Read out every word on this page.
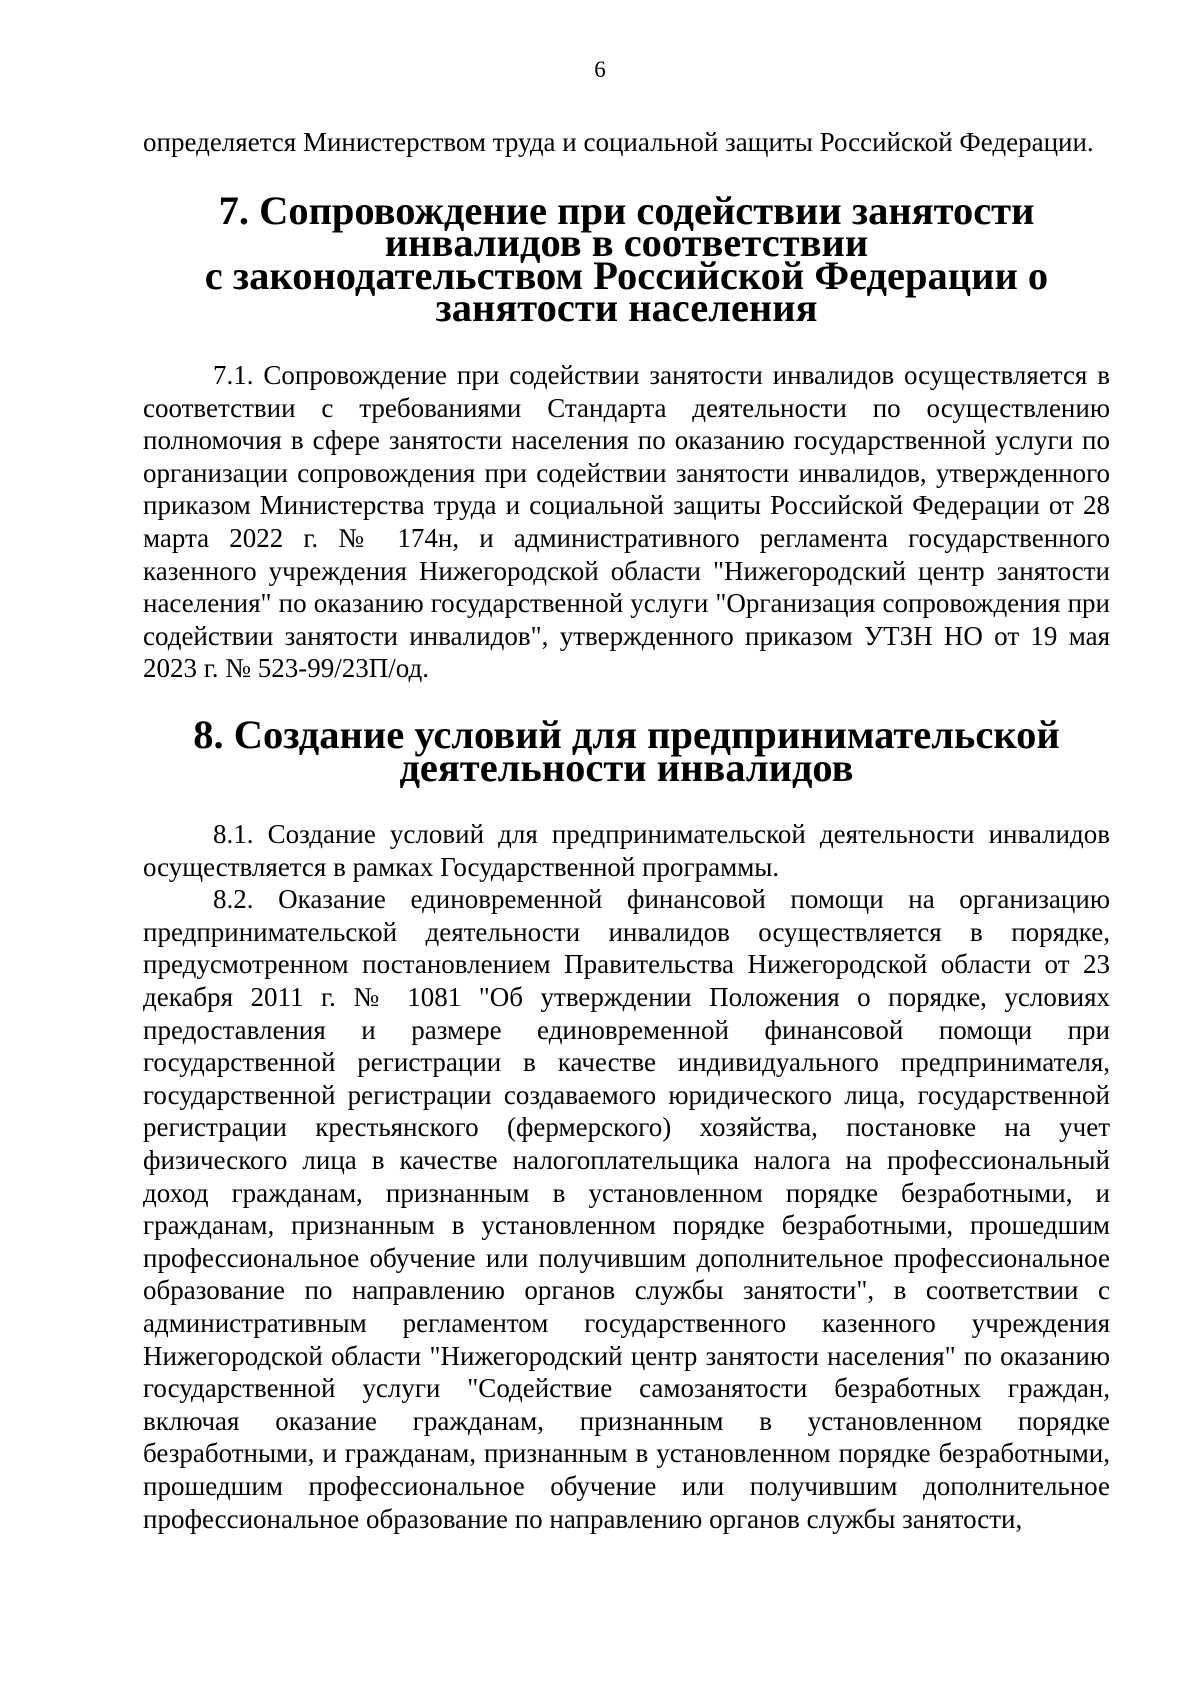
6

определяется Министерством труда и социальной защиты Российской Федерации.

7. Сопровождение при содействии занятости инвалидов в соответствии
с законодательством Российской Федерации о занятости населения

7.1. Сопровождение при содействии занятости инвалидов осуществляется в соответствии с требованиями Стандарта деятельности по осуществлению полномочия в сфере занятости населения по оказанию государственной услуги по организации сопровождения при содействии занятости инвалидов, утвержденного приказом Министерства труда и социальной защиты Российской Федерации от 28 марта 2022 г. № 174н, и административного регламента государственного казенного учреждения Нижегородской области "Нижегородский центр занятости населения" по оказанию государственной услуги "Организация сопровождения при содействии занятости инвалидов", утвержденного приказом УТЗН НО от 19 мая 2023 г. № 523-99/23П/од.

8. Создание условий для предпринимательской
деятельности инвалидов

8.1. Создание условий для предпринимательской деятельности инвалидов осуществляется в рамках Государственной программы.

8.2. Оказание единовременной финансовой помощи на организацию предпринимательской деятельности инвалидов осуществляется в порядке, предусмотренном постановлением Правительства Нижегородской области от 23 декабря 2011 г. № 1081 "Об утверждении Положения о порядке, условиях предоставления и размере единовременной финансовой помощи при государственной регистрации в качестве индивидуального предпринимателя, государственной регистрации создаваемого юридического лица, государственной регистрации крестьянского (фермерского) хозяйства, постановке на учет физического лица в качестве налогоплательщика налога на профессиональный доход гражданам, признанным в установленном порядке безработными, и гражданам, признанным в установленном порядке безработными, прошедшим профессиональное обучение или получившим дополнительное профессиональное образование по направлению органов службы занятости", в соответствии с административным регламентом государственного казенного учреждения Нижегородской области "Нижегородский центр занятости населения" по оказанию государственной услуги "Содействие самозанятости безработных граждан, включая оказание гражданам, признанным в установленном порядке безработными, и гражданам, признанным в установленном порядке безработными, прошедшим профессиональное обучение или получившим дополнительное профессиональное образование по направлению органов службы занятости,
